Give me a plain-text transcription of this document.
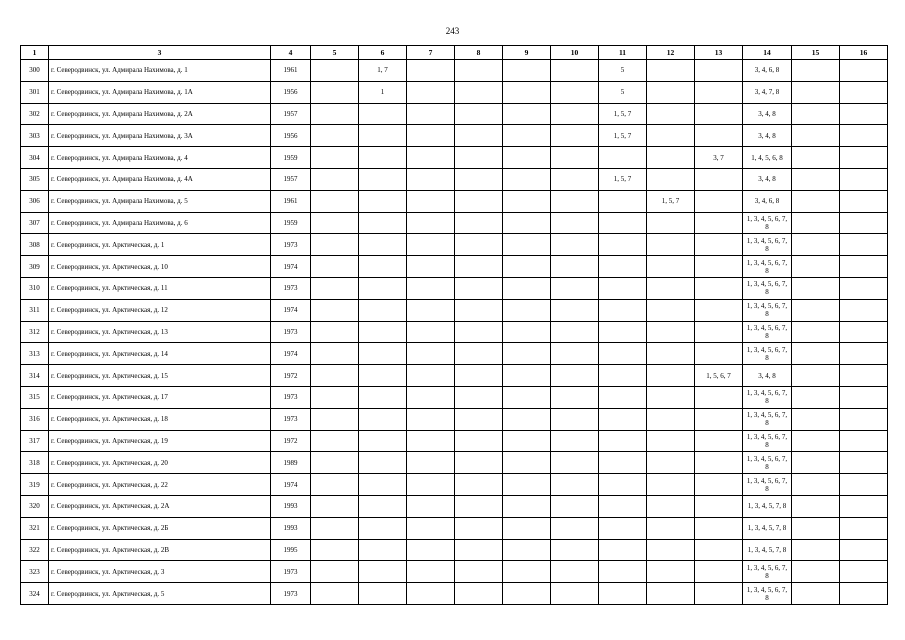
243
1	3	4	5	6	7	8	9	10	11	12	13	14	15	16
300	г. Северодвинск, ул. Адмирала Нахимова, д. 1	1961		1, 7					5			3, 4, 6, 8		
301	г. Северодвинск, ул. Адмирала Нахимова, д. 1А	1956		1					5			3, 4, 7, 8		
302	г. Северодвинск, ул. Адмирала Нахимова, д. 2А	1957							1, 5, 7			3, 4, 8		
303	г. Северодвинск, ул. Адмирала Нахимова, д. 3А	1956							1, 5, 7			3, 4, 8		
304	г. Северодвинск, ул. Адмирала Нахимова, д. 4	1959									3, 7	1, 4, 5, 6, 8		
305	г. Северодвинск, ул. Адмирала Нахимова, д. 4А	1957							1, 5, 7			3, 4, 8		
306	г. Северодвинск, ул. Адмирала Нахимова, д. 5	1961								1, 5, 7		3, 4, 6, 8		
307	г. Северодвинск, ул. Адмирала Нахимова, д. 6	1959										1, 3, 4, 5, 6, 7, 8		
308	г. Северодвинск, ул. Арктическая, д. 1	1973										1, 3, 4, 5, 6, 7, 8		
309	г. Северодвинск, ул. Арктическая, д. 10	1974										1, 3, 4, 5, 6, 7, 8		
310	г. Северодвинск, ул. Арктическая, д. 11	1973										1, 3, 4, 5, 6, 7, 8		
311	г. Северодвинск, ул. Арктическая, д. 12	1974										1, 3, 4, 5, 6, 7, 8		
312	г. Северодвинск, ул. Арктическая, д. 13	1973										1, 3, 4, 5, 6, 7, 8		
313	г. Северодвинск, ул. Арктическая, д. 14	1974										1, 3, 4, 5, 6, 7, 8		
314	г. Северодвинск, ул. Арктическая, д. 15	1972									1, 5, 6, 7	3, 4, 8		
315	г. Северодвинск, ул. Арктическая, д. 17	1973										1, 3, 4, 5, 6, 7, 8		
316	г. Северодвинск, ул. Арктическая, д. 18	1973										1, 3, 4, 5, 6, 7, 8		
317	г. Северодвинск, ул. Арктическая, д. 19	1972										1, 3, 4, 5, 6, 7, 8		
318	г. Северодвинск, ул. Арктическая, д. 20	1989										1, 3, 4, 5, 6, 7, 8		
319	г. Северодвинск, ул. Арктическая, д. 22	1974										1, 3, 4, 5, 6, 7, 8		
320	г. Северодвинск, ул. Арктическая, д. 2А	1993										1, 3, 4, 5, 7, 8		
321	г. Северодвинск, ул. Арктическая, д. 2Б	1993										1, 3, 4, 5, 7, 8		
322	г. Северодвинск, ул. Арктическая, д. 2В	1995										1, 3, 4, 5, 7, 8		
323	г. Северодвинск, ул. Арктическая, д. 3	1973										1, 3, 4, 5, 6, 7, 8		
324	г. Северодвинск, ул. Арктическая, д. 5	1973										1, 3, 4, 5, 6, 7, 8		
